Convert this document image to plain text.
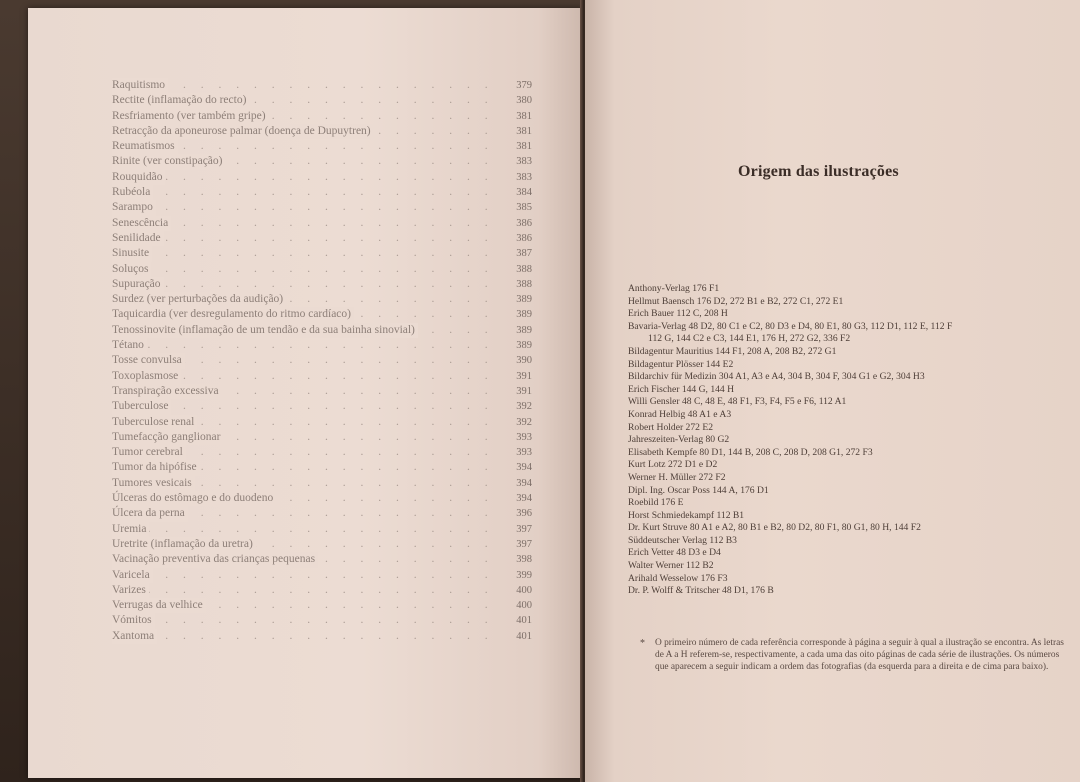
. . .
Raquitismo	379
. . .
Rectite (inflamação do recto)	380
. . .
Resfriamento (ver também gripe)	381
. . .
Retracção da aponeurose palmar (doença de Dupuytren)	381
. . .
Reumatismos	381
. . .
Rinite (ver constipação)	383
. . .
Rouquidão	383
. . .
Rubéola	384
. . .
Sarampo	385
. . .
Senescência	386
. . .
Senilidade	386
. . .
Sinusite	387
. . .
Soluços	388
. . .
Supuração	388
. . .
Surdez (ver perturbações da audição)	389
. . .
Taquicardia (ver desregulamento do ritmo cardíaco)	389
. . .
Tenossinovite (inflamação de um tendão e da sua bainha sinovial)	389
. . .
Tétano	389
. . .
Tosse convulsa	390
. . .
Toxoplasmose	391
. . .
Transpiração excessiva	391
. . .
Tuberculose	392
. . .
Tuberculose renal	392
. . .
Tumefacção ganglionar	393
. . .
Tumor cerebral	393
. . .
Tumor da hipófise	394
. . .
Tumores vesicais	394
. . .
Úlceras do estômago e do duodeno	394
. . .
Úlcera da perna	396
. . .
Uremia	397
. . .
Uretrite (inflamação da uretra)	397
. . .
Vacinação preventiva das crianças pequenas	398
. . .
Varicela	399
. . .
Varizes	400
. . .
Verrugas da velhice	400
. . .
Vómitos	401
. . .
Xantoma	401
Origem das ilustrações
Anthony-Verlag 176 F1
Hellmut Baensch 176 D2, 272 B1 e B2, 272 C1, 272 E1
Erich Bauer 112 C, 208 H
Bavaria-Verlag 48 D2, 80 C1 e C2, 80 D3 e D4, 80 E1, 80 G3, 112 D1, 112 E, 112 F
112 G, 144 C2 e C3, 144 E1, 176 H, 272 G2, 336 F2
Bildagentur Mauritius 144 F1, 208 A, 208 B2, 272 G1
Bildagentur Plösser 144 E2
Bildarchiv für Medizin 304 A1, A3 e A4, 304 B, 304 F, 304 G1 e G2, 304 H3
Erich Fischer 144 G, 144 H
Willi Gensler 48 C, 48 E, 48 F1, F3, F4, F5 e F6, 112 A1
Konrad Helbig 48 A1 e A3
Robert Holder 272 E2
Jahreszeiten-Verlag 80 G2
Elisabeth Kempfe 80 D1, 144 B, 208 C, 208 D, 208 G1, 272 F3
Kurt Lotz 272 D1 e D2
Werner H. Müller 272 F2
Dipl. Ing. Oscar Poss 144 A, 176 D1
Roebild 176 E
Horst Schmiedekampf 112 B1
Dr. Kurt Struve 80 A1 e A2, 80 B1 e B2, 80 D2, 80 F1, 80 G1, 80 H, 144 F2
Süddeutscher Verlag 112 B3
Erich Vetter 48 D3 e D4
Walter Werner 112 B2
Arihald Wesselow 176 F3
Dr. P. Wolff & Tritscher 48 D1, 176 B
* O primeiro número de cada referência corresponde à página a seguir à qual a ilustração se encontra. As letras de A a H referem-se, respectivamente, a cada uma das oito páginas de cada série de ilustrações. Os números que aparecem a seguir indicam a ordem das fotografias (da esquerda para a direita e de cima para baixo).
